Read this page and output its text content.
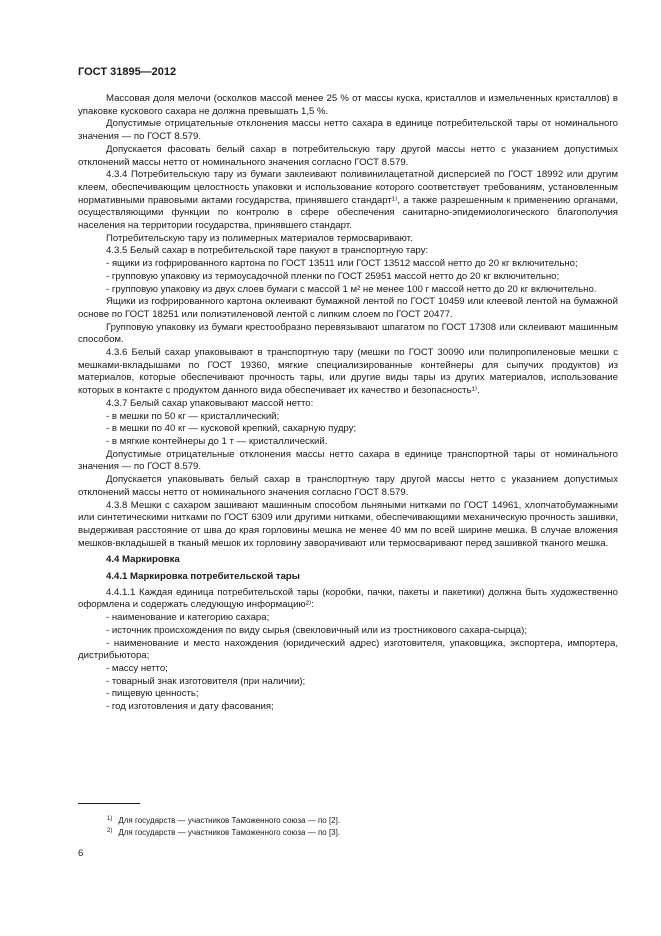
ГОСТ 31895—2012

Массовая доля мелочи (осколков массой менее 25 % от массы куска, кристаллов и измельченных кристаллов) в упаковке кускового сахара не должна превышать 1,5 %.

Допустимые отрицательные отклонения массы нетто сахара в единице потребительской тары от номинального значения — по ГОСТ 8.579.

Допускается фасовать белый сахар в потребительскую тару другой массы нетто с указанием допустимых отклонений массы нетто от номинального значения согласно ГОСТ 8.579.

4.3.4 Потребительскую тару из бумаги заклеивают поливинилацетатной дисперсией по ГОСТ 18992 или другим клеем, обеспечивающим целостность упаковки и использование которого соответствует требованиям, установленным нормативными правовыми актами государства, принявшего стандарт¹⁾, а также разрешенным к применению органами, осуществляющими функции по контролю в сфере обеспечения санитарно-эпидемиологического благополучия населения на территории государства, принявшего стандарт.

Потребительскую тару из полимерных материалов термосваривают.

4.3.5 Белый сахар в потребительской таре пакуют в транспортную тару:

- ящики из гофрированного картона по ГОСТ 13511 или ГОСТ 13512 массой нетто до 20 кг включительно;

- групповую упаковку из термоусадочной пленки по ГОСТ 25951 массой нетто до 20 кг включительно;

- групповую упаковку из двух слоев бумаги с массой 1 м² не менее 100 г массой нетто до 20 кг включительно.

Ящики из гофрированного картона оклеивают бумажной лентой по ГОСТ 10459 или клеевой лентой на бумажной основе по ГОСТ 18251 или полиэтиленовой лентой с липким слоем по ГОСТ 20477.

Групповую упаковку из бумаги крестообразно перевязывают шпагатом по ГОСТ 17308 или склеивают машинным способом.

4.3.6 Белый сахар упаковывают в транспортную тару (мешки по ГОСТ 30090 или полипропиленовые мешки с мешками-вкладышами по ГОСТ 19360, мягкие специализированные контейнеры для сыпучих продуктов) из материалов, которые обеспечивают прочность тары, или другие виды тары из других материалов, использование которых в контакте с продуктом данного вида обеспечивает их качество и безопасность¹⁾.

4.3.7 Белый сахар упаковывают массой нетто:

- в мешки по 50 кг — кристаллический;

- в мешки по 40 кг — кусковой крепкий, сахарную пудру;

- в мягкие контейнеры до 1 т — кристаллический.

Допустимые отрицательные отклонения массы нетто сахара в единице транспортной тары от номинального значения — по ГОСТ 8.579.

Допускается упаковывать белый сахар в транспортную тару другой массы нетто с указанием допустимых отклонений массы нетто от номинального значения согласно ГОСТ 8.579.

4.3.8 Мешки с сахаром зашивают машинным способом льняными нитками по ГОСТ 14961, хлопчатобумажными или синтетическими нитками по ГОСТ 6309 или другими нитками, обеспечивающими механическую прочность зашивки, выдерживая расстояние от шва до края горловины мешка не менее 40 мм по всей ширине мешка. В случае вложения мешков-вкладышей в тканый мешок их горловину заворачивают или термосваривают перед зашивкой тканого мешка.

4.4 Маркировка

4.4.1 Маркировка потребительской тары

4.4.1.1 Каждая единица потребительской тары (коробки, пачки, пакеты и пакетики) должна быть художественно оформлена и содержать следующую информацию²⁾:

- наименование и категорию сахара;

- источник происхождения по виду сырья (свекловичный или из тростникового сахара-сырца);

- наименование и место нахождения (юридический адрес) изготовителя, упаковщика, экспортера, импортера, дистрибьютора;

- массу нетто;

- товарный знак изготовителя (при наличии);

- пищевую ценность;

- год изготовления и дату фасования;

$^{1)}$ Для государств — участников Таможенного союза — по [2].
$^{2)}$ Для государств — участников Таможенного союза — по [3].
6
